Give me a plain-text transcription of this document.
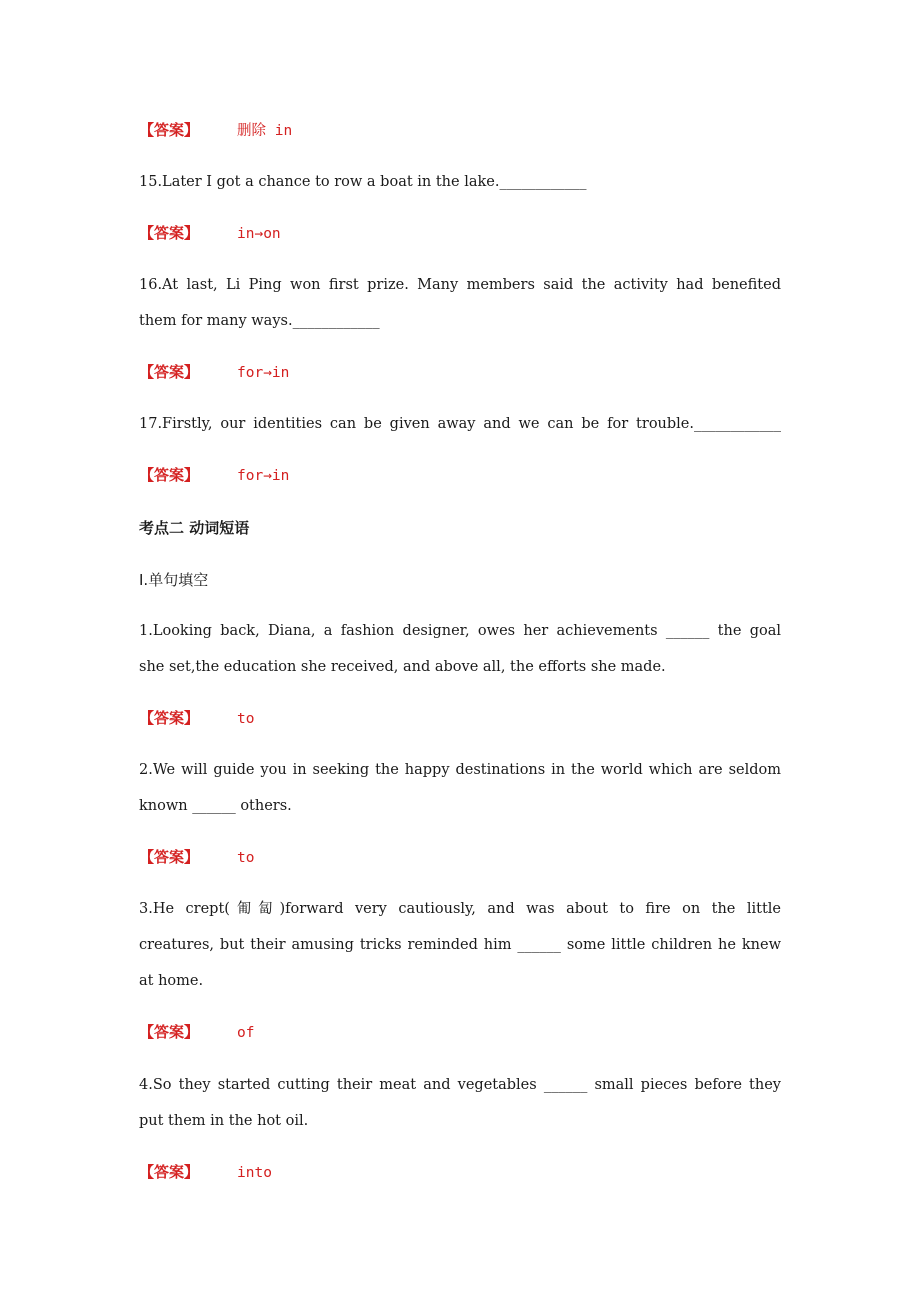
【答案】	删除 in
15.Later I got a chance to row a boat in the lake.____________
【答案】	in→on
16.At last, Li Ping won first prize. Many members said the activity had benefited
them for many ways.____________
【答案】	for→in
17.Firstly, our identities can be given away and we can be for trouble.____________
【答案】	for→in
考点二 动词短语
Ⅰ.单句填空
1.Looking back, Diana, a fashion designer, owes her achievements ______ the goal
she set,the education she received, and above all, the efforts she made.
【答案】	to
2.We will guide you in seeking the happy destinations in the world which are seldom
known ______ others.
【答案】	to
3.He crept(匍匐)forward very cautiously, and was about to fire on the little
creatures, but their amusing tricks reminded him ______ some little children he knew
at home.
【答案】	of
4.So they started cutting their meat and vegetables ______ small pieces before they
put them in the hot oil.
【答案】	into
